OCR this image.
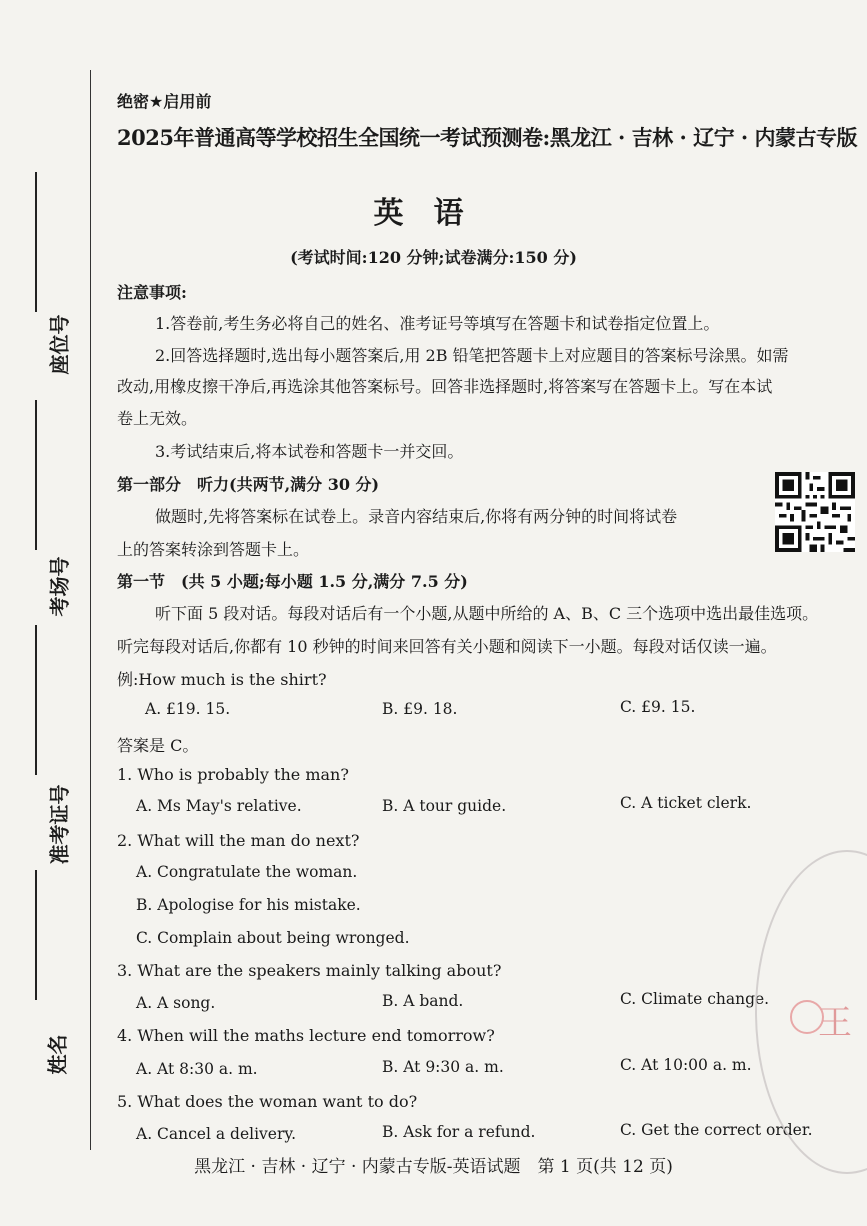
座位号
考场号
准考证号
姓名
绝密★启用前
2025年普通高等学校招生全国统一考试预测卷:黑龙江 · 吉林 · 辽宁 · 内蒙古专版
英语
(考试时间:120 分钟;试卷满分:150 分)
注意事项:
1.答卷前,考生务必将自己的姓名、准考证号等填写在答题卡和试卷指定位置上。
2.回答选择题时,选出每小题答案后,用 2B 铅笔把答题卡上对应题目的答案标号涂黑。如需
改动,用橡皮擦干净后,再选涂其他答案标号。回答非选择题时,将答案写在答题卡上。写在本试
卷上无效。
3.考试结束后,将本试卷和答题卡一并交回。
第一部分　听力(共两节,满分 30 分)
做题时,先将答案标在试卷上。录音内容结束后,你将有两分钟的时间将试卷
上的答案转涂到答题卡上。
第一节　(共 5 小题;每小题 1.5 分,满分 7.5 分)
听下面 5 段对话。每段对话后有一个小题,从题中所给的 A、B、C 三个选项中选出最佳选项。
听完每段对话后,你都有 10 秒钟的时间来回答有关小题和阅读下一小题。每段对话仅读一遍。
例:How much is the shirt?
A. £19. 15.	B. £9. 18.	C. £9. 15.
答案是 C。
1. Who is probably the man?
A. Ms May's relative.	B. A tour guide.	C. A ticket clerk.
2. What will the man do next?
A. Congratulate the woman.
B. Apologise for his mistake.
C. Complain about being wronged.
3. What are the speakers mainly talking about?
A. A song.	B. A band.	C. Climate change.
4. When will the maths lecture end tomorrow?
A. At 8:30 a. m.	B. At 9:30 a. m.	C. At 10:00 a. m.
5. What does the woman want to do?
A. Cancel a delivery.	B. Ask for a refund.	C. Get the correct order.
王
黑龙江 · 吉林 · 辽宁 · 内蒙古专版-英语试题　第 1 页(共 12 页)
